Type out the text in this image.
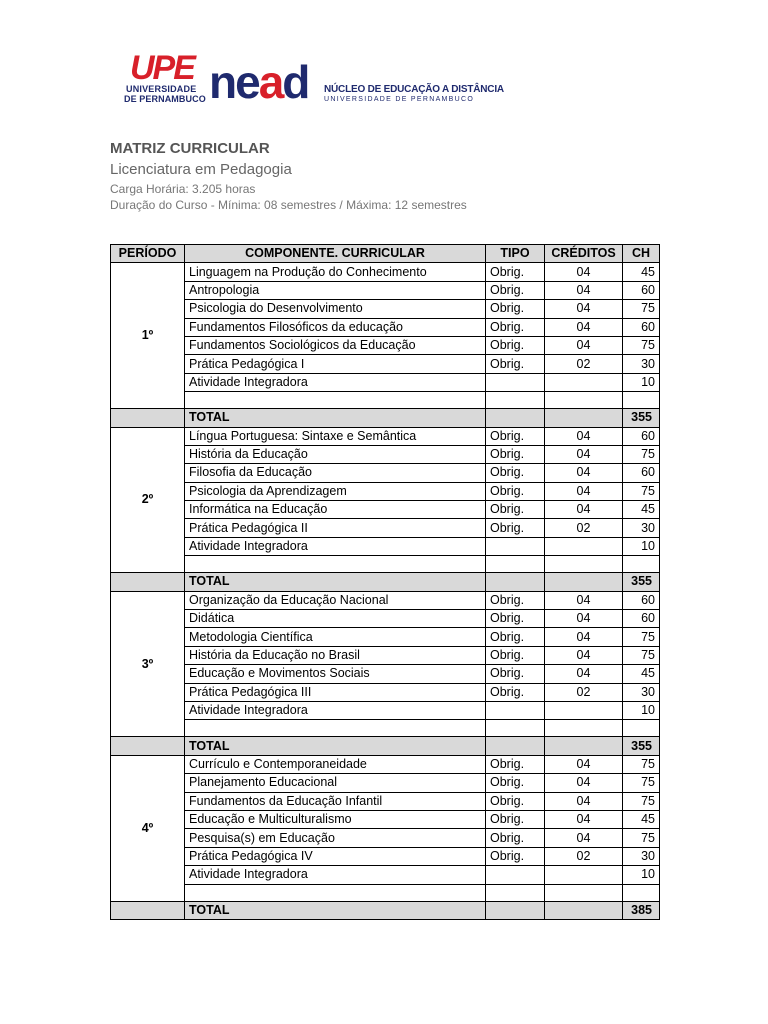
UPE
UNIVERSIDADE
DE PERNAMBUCO nead NÚCLEO DE EDUCAÇÃO A DISTÂNCIA
UNIVERSIDADE DE PERNAMBUCO
MATRIZ CURRICULAR
Licenciatura em Pedagogia
Carga Horária: 3.205 horas
Duração do Curso - Mínima: 08 semestres / Máxima: 12 semestres
PERÍODO	COMPONENTE. CURRICULAR	TIPO	CRÉDITOS	CH
1º	Linguagem na Produção do Conhecimento	Obrig.	04	45
	Antropologia	Obrig.	04	60
	Psicologia do Desenvolvimento	Obrig.	04	75
	Fundamentos Filosóficos da educação	Obrig.	04	60
	Fundamentos Sociológicos da Educação	Obrig.	04	75
	Prática Pedagógica I	Obrig.	02	30
	Atividade Integradora			10

	TOTAL			355
2º	Língua Portuguesa: Sintaxe e Semântica	Obrig.	04	60
	História da Educação	Obrig.	04	75
	Filosofia da Educação	Obrig.	04	60
	Psicologia da Aprendizagem	Obrig.	04	75
	Informática na Educação	Obrig.	04	45
	Prática Pedagógica II	Obrig.	02	30
	Atividade Integradora			10

	TOTAL			355
3º	Organização da Educação Nacional	Obrig.	04	60
	Didática	Obrig.	04	60
	Metodologia Científica	Obrig.	04	75
	História da Educação no Brasil	Obrig.	04	75
	Educação e Movimentos Sociais	Obrig.	04	45
	Prática Pedagógica III	Obrig.	02	30
	Atividade Integradora			10

	TOTAL			355
4º	Currículo e Contemporaneidade	Obrig.	04	75
	Planejamento Educacional	Obrig.	04	75
	Fundamentos da Educação Infantil	Obrig.	04	75
	Educação e Multiculturalismo	Obrig.	04	45
	Pesquisa(s) em Educação	Obrig.	04	75
	Prática Pedagógica IV	Obrig.	02	30
	Atividade Integradora			10

	TOTAL			385
